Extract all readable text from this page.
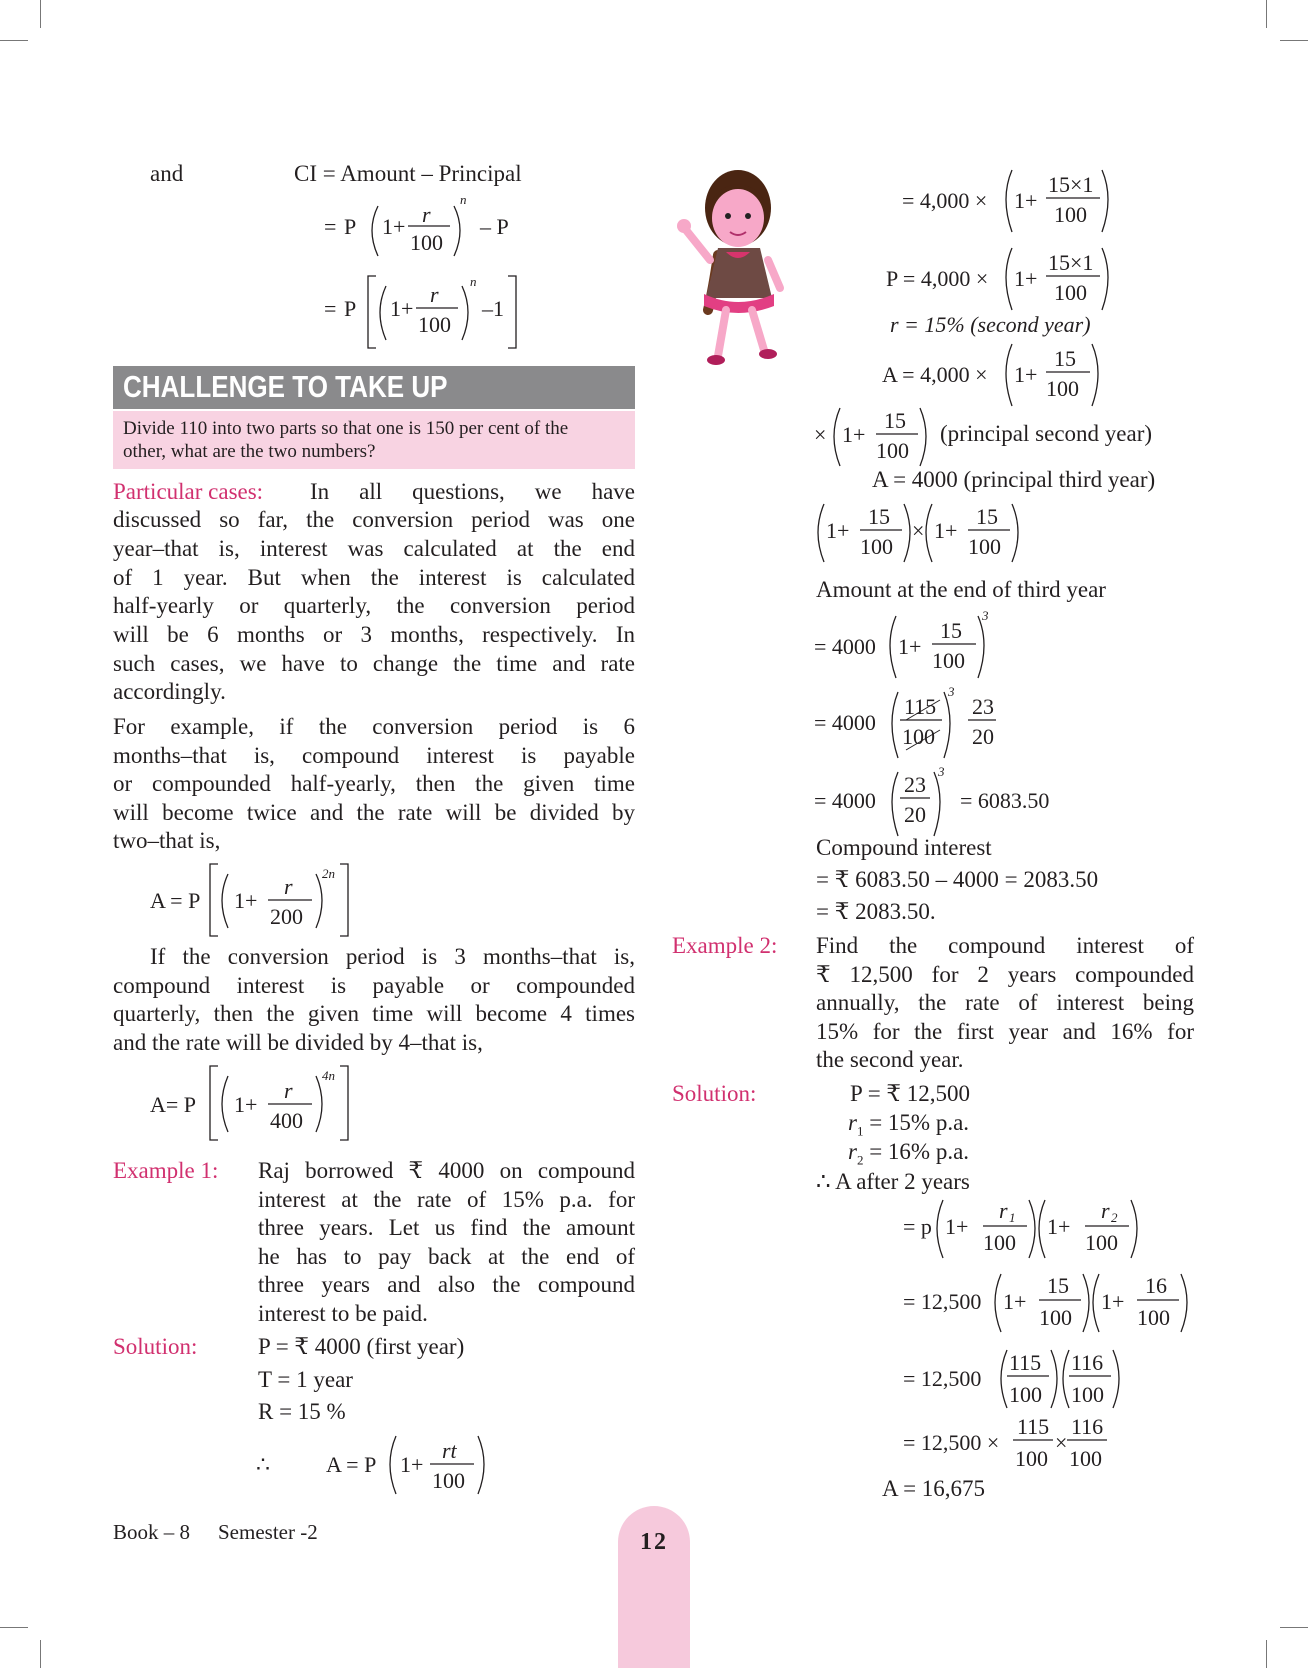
and	CI = Amount – Principal
= P 1+ r
100
n
– P
= P 1+
r
100
n
–1
CHALLENGE TO TAKE UP
Divide 110 into two parts so that one is 150 per cent of the
other, what are the two numbers?
Particular cases: In all questions, we have
discussed so far, the conversion period was one
year–that is, interest was calculated at the end
of 1 year. But when the interest is calculated
half-yearly or quarterly, the conversion period
will be 6 months or 3 months, respectively. In
such cases, we have to change the time and rate
accordingly.
For example, if the conversion period is 6
months–that is, compound interest is payable
or compounded half-yearly, then the given time
will become twice and the rate will be divided by
two–that is,
A = P 1+
r
200
2n
If the conversion period is 3 months–that is,
compound interest is payable or compounded
quarterly, then the given time will become 4 times
and the rate will be divided by 4–that is,
A= P 1+
r
400
4n
Example 1: Raj borrowed ₹ 4000 on compound
interest at the rate of 15% p.a. for
three years. Let us find the amount
he has to pay back at the end of
three years and also the compound
interest to be paid.
Solution:	P = ₹ 4000 (first year)
T = 1 year
R = 15 %
∴	A = P 1+
rt
100
= 4,000 × 1+
15×1
100
P = 4,000 × 1+
15×1
100
r = 15% (second year)
A = 4,000 × 1+
15
100
× 1+
15
100
(principal second year)
A = 4000 (principal third year)
1+
15
100
× 1+
15
100
Amount at the end of third year
= 4000 1+
15
100
3
= 4000
115
100
3
23
20
= 4000
23
20
3
= 6083.50
Compound interest
= ₹ 6083.50 – 4000 = 2083.50
= ₹ 2083.50.
Example 2: Find the compound interest of
₹ 12,500 for 2 years compounded
annually, the rate of interest being
15% for the first year and 16% for
the second year.
Solution:	P = ₹ 12,500
$r_1 = 15\%$ p.a.
$r_2 = 16\%$ p.a.
∴ A after 2 years
= p 1+
r 1
100
1+
r 2
100
= 12,500 1+
15
100
1+
16
100
= 12,500
115
100
116
100
= 12,500 ×
115
100
×
116
100
A = 16,675
Book – 8 Semester -2	12
